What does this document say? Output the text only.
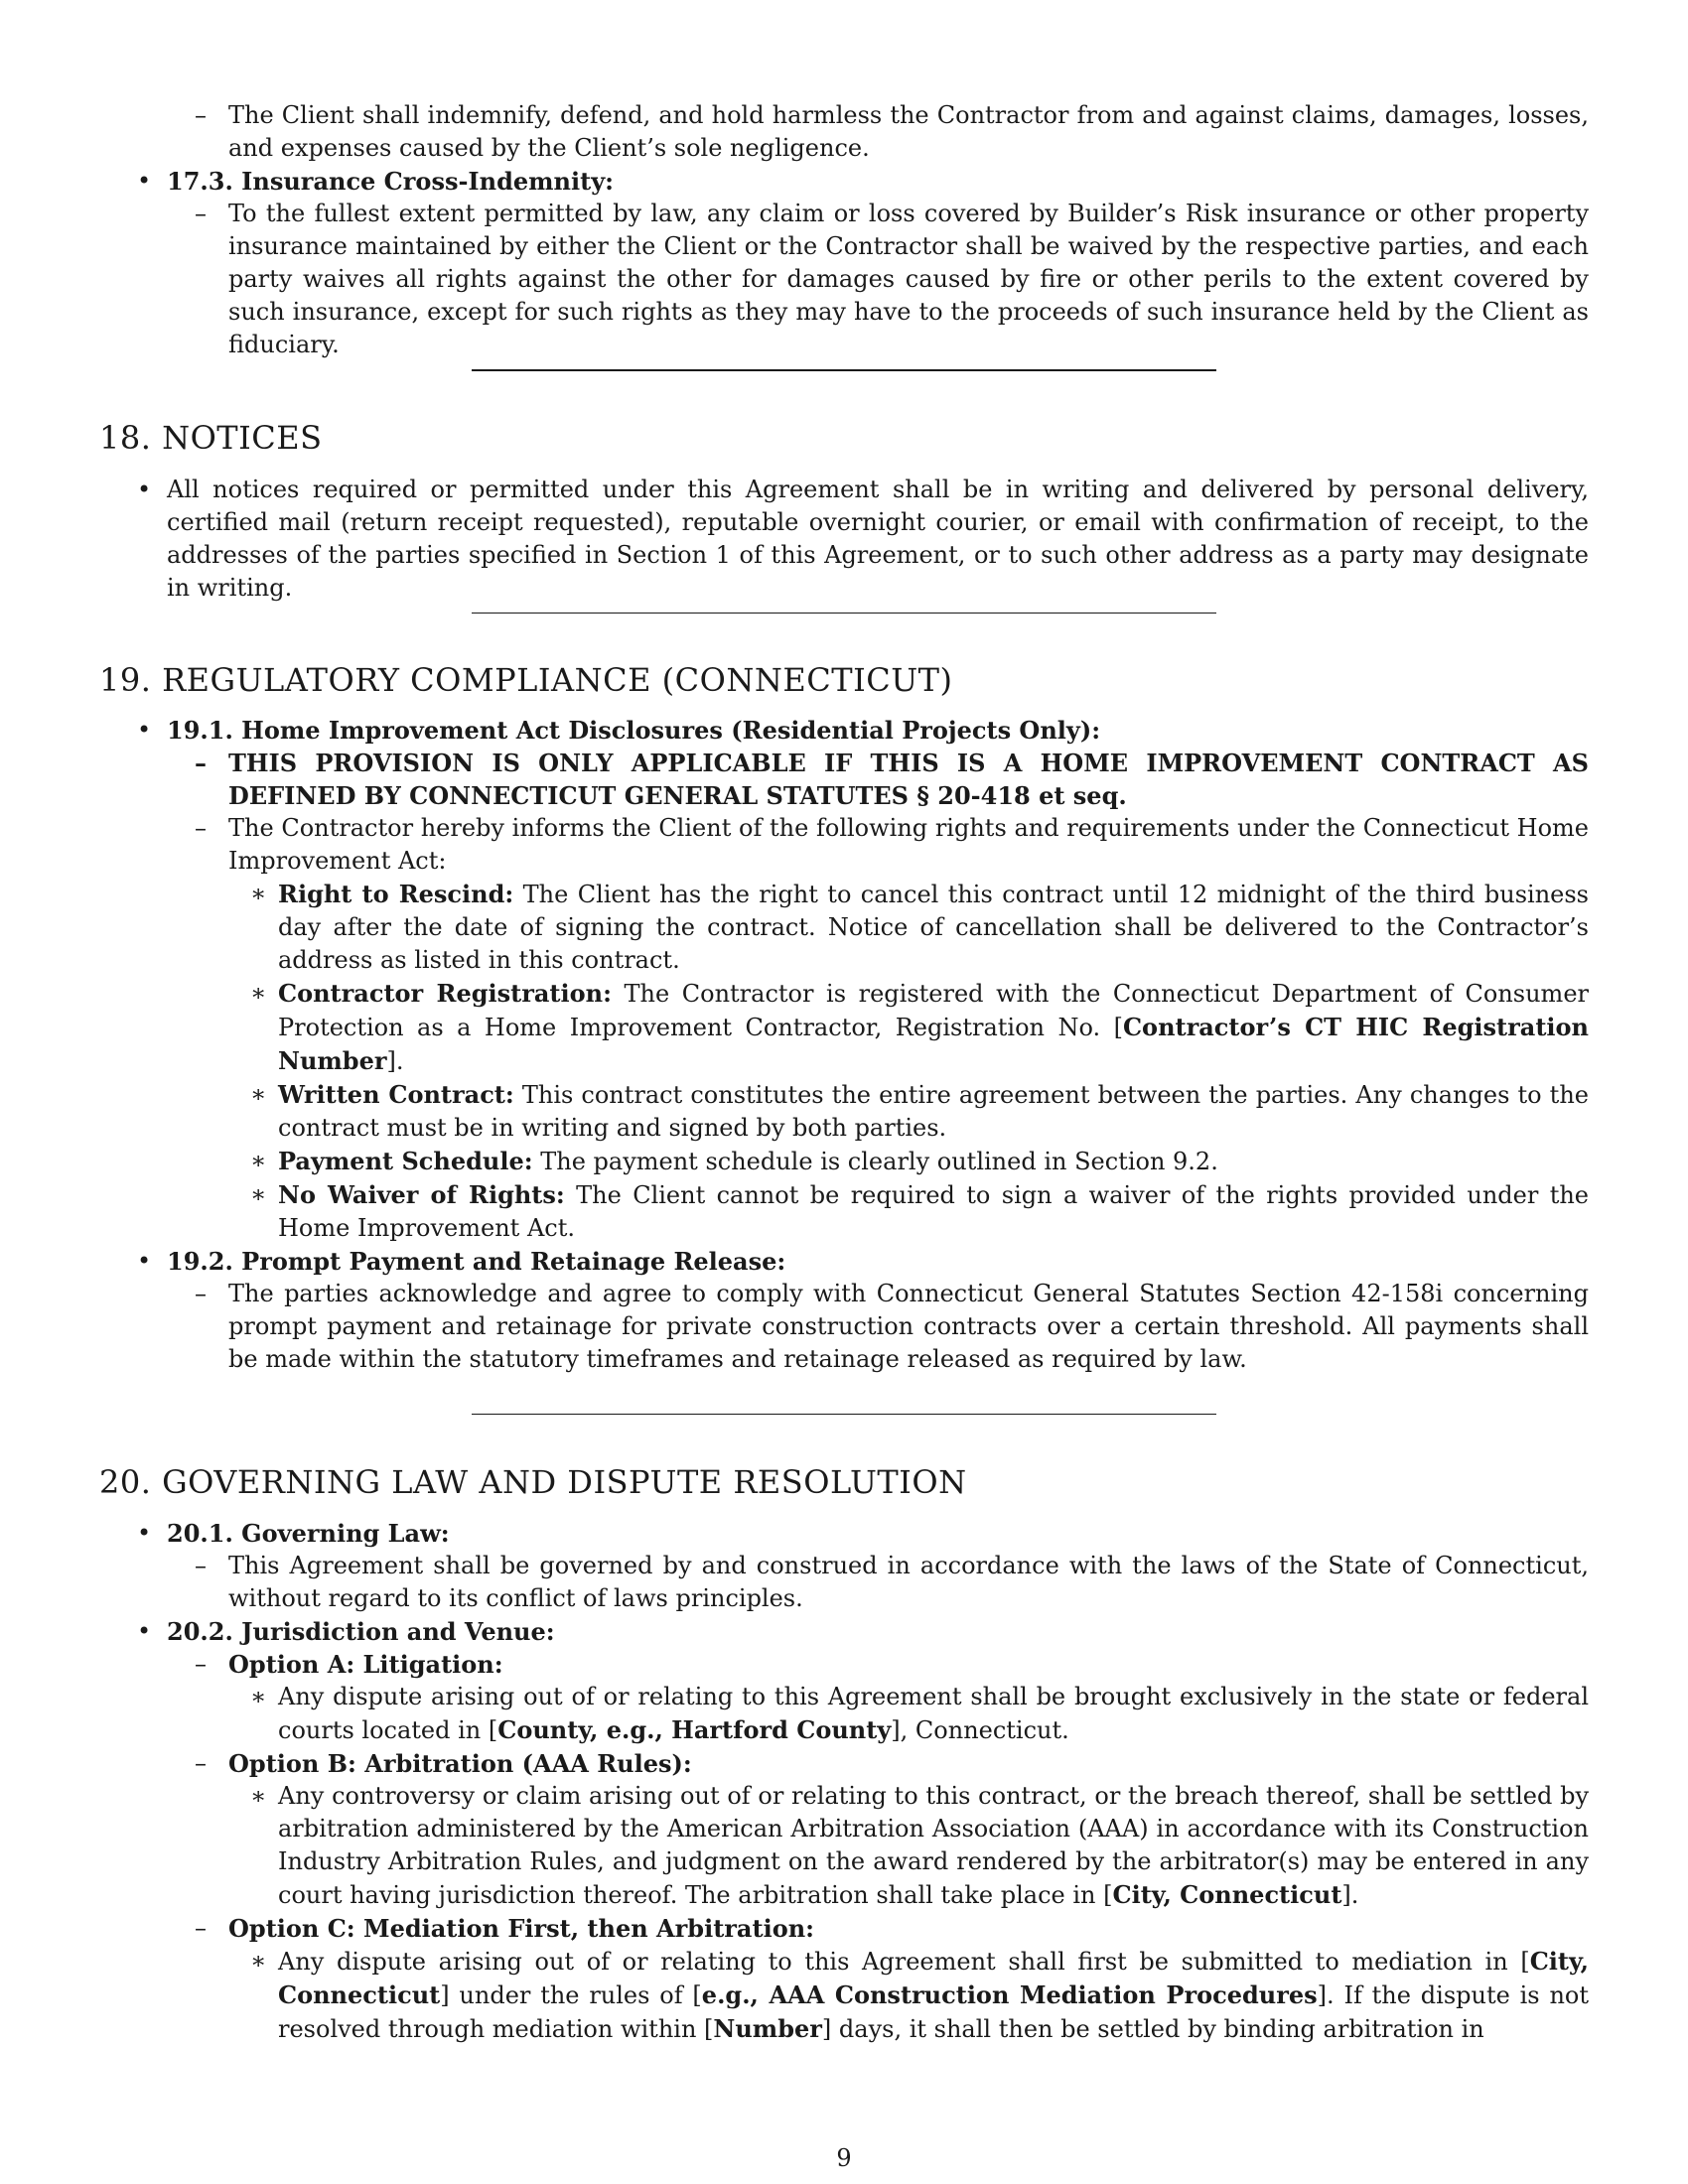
– The Client shall indemnify, defend, and hold harmless the Contractor from and against claims, damages, losses, and expenses caused by the Client’s sole negligence.
• 17.3. Insurance Cross-Indemnity:
– To the fullest extent permitted by law, any claim or loss covered by Builder’s Risk insurance or other property insurance maintained by either the Client or the Contractor shall be waived by the respective parties, and each party waives all rights against the other for damages caused by fire or other perils to the extent covered by such insurance, except for such rights as they may have to the proceeds of such insurance held by the Client as fiduciary.
18. NOTICES
• All notices required or permitted under this Agreement shall be in writing and delivered by personal delivery, certified mail (return receipt requested), reputable overnight courier, or email with confirmation of receipt, to the addresses of the parties specified in Section 1 of this Agreement, or to such other address as a party may designate in writing.
19. REGULATORY COMPLIANCE (CONNECTICUT)
• 19.1. Home Improvement Act Disclosures (Residential Projects Only):
– THIS PROVISION IS ONLY APPLICABLE IF THIS IS A HOME IMPROVEMENT CONTRACT AS DEFINED BY CONNECTICUT GENERAL STATUTES § 20-418 et seq.
– The Contractor hereby informs the Client of the following rights and requirements under the Connecticut Home Improvement Act:
∗ Right to Rescind: The Client has the right to cancel this contract until 12 midnight of the third business day after the date of signing the contract. Notice of cancellation shall be delivered to the Contractor’s address as listed in this contract.
∗ Contractor Registration: The Contractor is registered with the Connecticut Department of Consumer Protection as a Home Improvement Contractor, Registration No. [Contractor’s CT HIC Registration Number].
∗ Written Contract: This contract constitutes the entire agreement between the parties. Any changes to the contract must be in writing and signed by both parties.
∗ Payment Schedule: The payment schedule is clearly outlined in Section 9.2.
∗ No Waiver of Rights: The Client cannot be required to sign a waiver of the rights provided under the Home Improvement Act.
• 19.2. Prompt Payment and Retainage Release:
– The parties acknowledge and agree to comply with Connecticut General Statutes Section 42-158i concerning prompt payment and retainage for private construction contracts over a certain threshold. All payments shall be made within the statutory timeframes and retainage released as required by law.
20. GOVERNING LAW AND DISPUTE RESOLUTION
• 20.1. Governing Law:
– This Agreement shall be governed by and construed in accordance with the laws of the State of Connecticut, without regard to its conflict of laws principles.
• 20.2. Jurisdiction and Venue:
– Option A: Litigation:
∗ Any dispute arising out of or relating to this Agreement shall be brought exclusively in the state or federal courts located in [County, e.g., Hartford County], Connecticut.
– Option B: Arbitration (AAA Rules):
∗ Any controversy or claim arising out of or relating to this contract, or the breach thereof, shall be settled by arbitration administered by the American Arbitration Association (AAA) in accordance with its Construction Industry Arbitration Rules, and judgment on the award rendered by the arbitrator(s) may be entered in any court having jurisdiction thereof. The arbitration shall take place in [City, Connecticut].
– Option C: Mediation First, then Arbitration:
∗ Any dispute arising out of or relating to this Agreement shall first be submitted to mediation in [City, Connecticut] under the rules of [e.g., AAA Construction Mediation Procedures]. If the dispute is not resolved through mediation within [Number] days, it shall then be settled by binding arbitration in
9
